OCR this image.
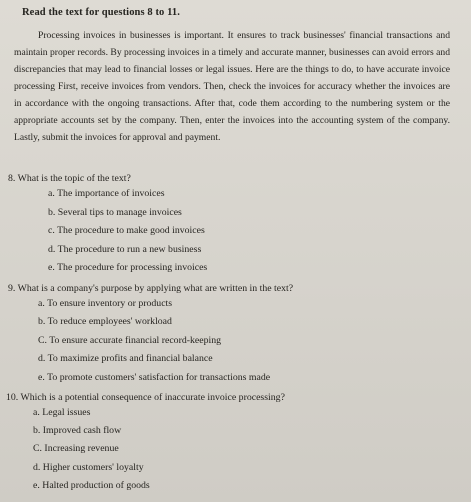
Read the text for questions 8 to 11.

Processing invoices in businesses is important. It ensures to track businesses' financial transactions and maintain proper records. By processing invoices in a timely and accurate manner, businesses can avoid errors and discrepancies that may lead to financial losses or legal issues. Here are the things to do, to have accurate invoice processing First, receive invoices from vendors. Then, check the invoices for accuracy whether the invoices are in accordance with the ongoing transactions. After that, code them according to the numbering system or the appropriate accounts set by the company. Then, enter the invoices into the accounting system of the company. Lastly, submit the invoices for approval and payment.

8. What is the topic of the text?
a. The importance of invoices
b. Several tips to manage invoices
c. The procedure to make good invoices
d. The procedure to run a new business
e. The procedure for processing invoices
9. What is a company's purpose by applying what are written in the text?
a. To ensure inventory or products
b. To reduce employees' workload
C. To ensure accurate financial record-keeping
d. To maximize profits and financial balance
e. To promote customers' satisfaction for transactions made
10. Which is a potential consequence of inaccurate invoice processing?
a. Legal issues
b. Improved cash flow
C. Increasing revenue
d. Higher customers' loyalty
e. Halted production of goods
